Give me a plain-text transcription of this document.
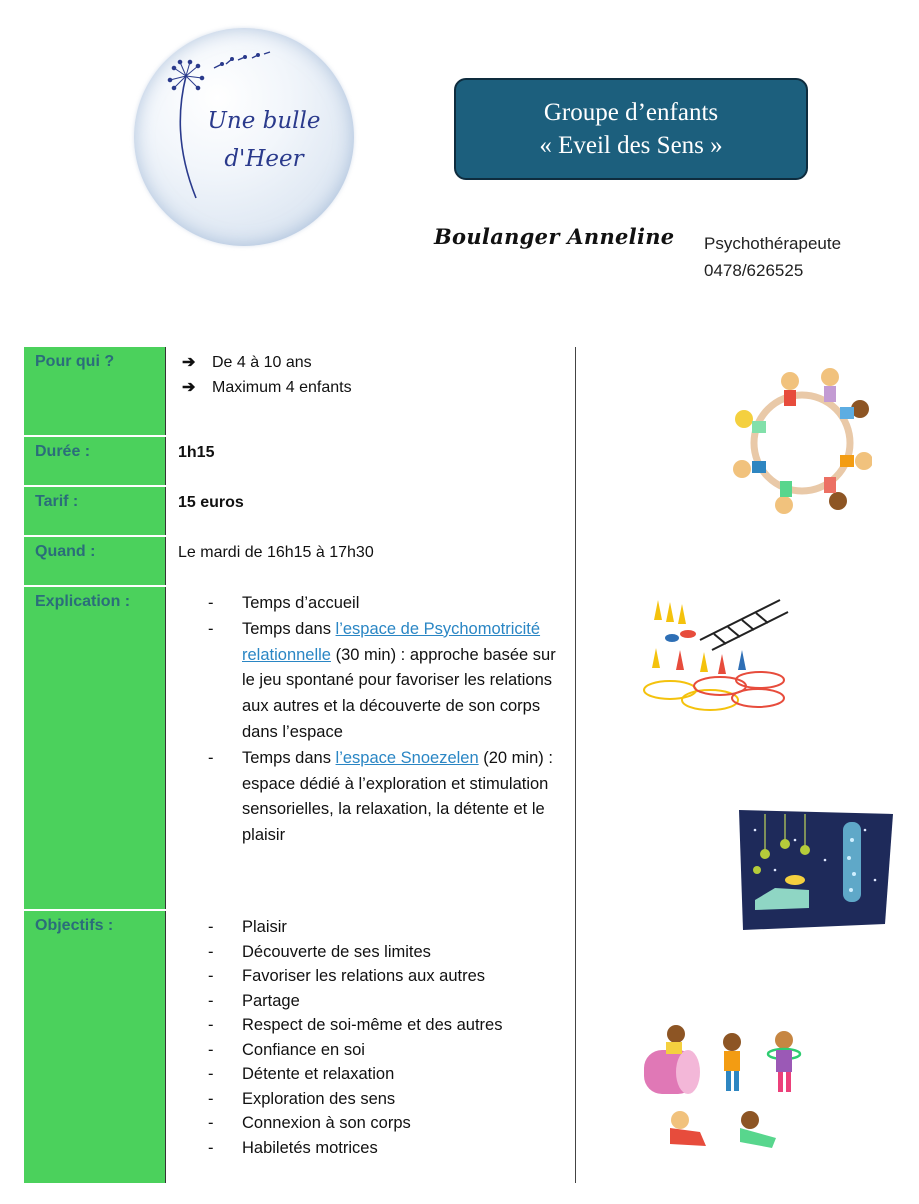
Une bulle
d'Heer
Groupe d’enfants
« Eveil des Sens »
Boulanger Anneline Psychothérapeute
0478/626525
Pour qui ?	➔	De 4 à 10 ans
➔	Maximum 4 enfants
Durée :	1h15
Tarif :	15 euros
Quand :	Le mardi de 16h15 à 17h30
Explication :	- Temps d’accueil
- Temps dans l’espace de Psychomotricité relationnelle (30 min) : approche basée sur le jeu spontané pour favoriser les relations aux autres et la découverte de son corps dans l’espace
- Temps dans l’espace Snoezelen (20 min) : espace dédié à l’exploration et stimulation sensorielles, la relaxation, la détente et le plaisir
Objectifs :	- Plaisir
- Découverte de ses limites
- Favoriser les relations aux autres
- Partage
- Respect de soi-même et des autres
- Confiance en soi
- Détente et relaxation
- Exploration des sens
- Connexion à son corps
- Habiletés motrices
